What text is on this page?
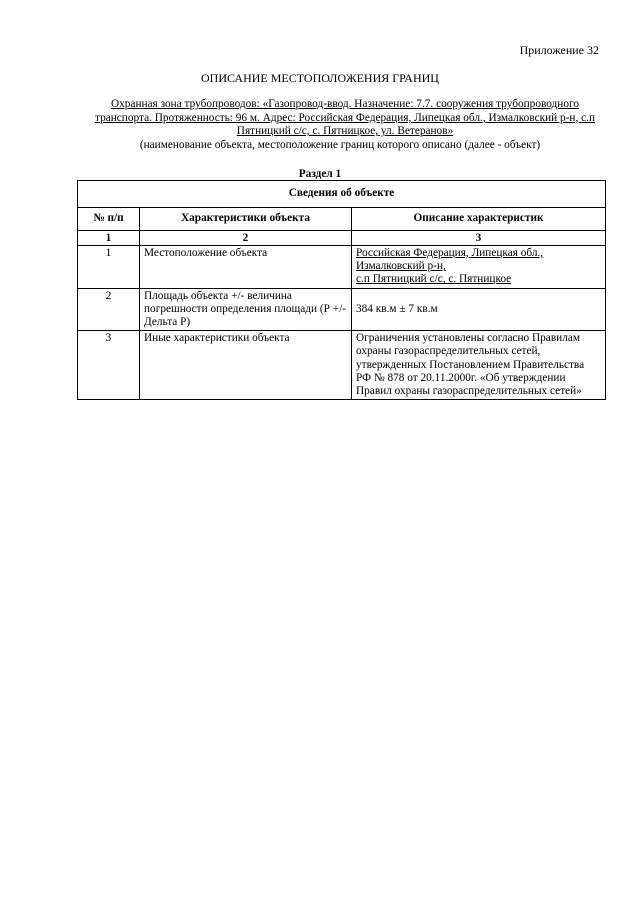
Приложение 32
ОПИСАНИЕ МЕСТОПОЛОЖЕНИЯ ГРАНИЦ
Охранная зона трубопроводов: «Газопровод-ввод. Назначение: 7.7. сооружения трубопроводного транспорта. Протяженность: 96 м. Адрес: Российская Федерация, Липецкая обл., Измалковский р-н, с.п Пятницкий с/с, с. Пятницкое, ул. Ветеранов»
(наименование объекта, местоположение границ которого описано (далее - объект)
Раздел 1
Сведения об объекте		
№ п/п	Характеристики объекта	Описание характеристик
1	2	3
1	Местоположение объекта	Российская Федерация, Липецкая обл.,
Измалковский р-н,
с.п Пятницкий с/с, с. Пятницкое

2	Площадь объекта +/- величина погрешности определения площади (Р +/- Дельта Р)	384 кв.м ± 7 кв.м
3	Иные характеристики объекта	Ограничения установлены согласно Правилам охраны газораспределительных сетей, утвержденных Постановлением Правительства РФ № 878 от 20.11.2000г. «Об утверждении Правил охраны газораспределительных сетей»
